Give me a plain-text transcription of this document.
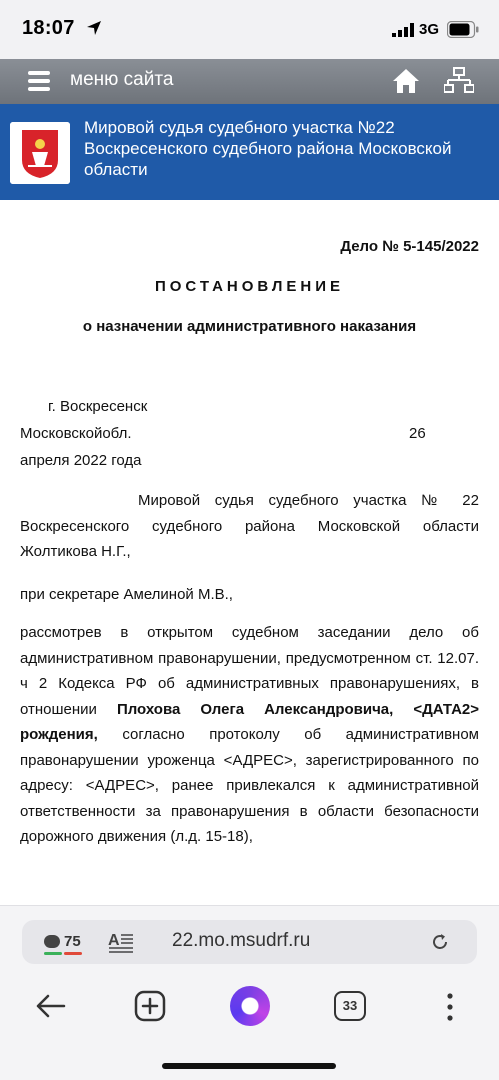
18:07	3G
меню сайта
Мировой судья судебного участка №22 Воскресенского судебного района Московской области
Дело № 5-145/2022
ПОСТАНОВЛЕНИЕ
о назначении административного наказания
г. Воскресенск
Московскойобл.	26
апреля 2022 года
Мировой судья судебного участка № 22 Воскресенского судебного района Московской области Жолтикова Н.Г.,
при секретаре Амелиной М.В.,
рассмотрев в открытом судебном заседании дело об административном правонарушении, предусмотренном ст. 12.07. ч 2 Кодекса РФ об административных правонарушениях, в отношении Плохова Олега Александровича, <ДАТА2> рождения, согласно протоколу об административном правонарушении уроженца <АДРЕС>, зарегистрированного по адресу: <АДРЕС>, ранее привлекался к административной ответственности за правонарушения в области безопасности дорожного движения (л.д. 15-18),
75 A	22.mo.msudrf.ru
33
